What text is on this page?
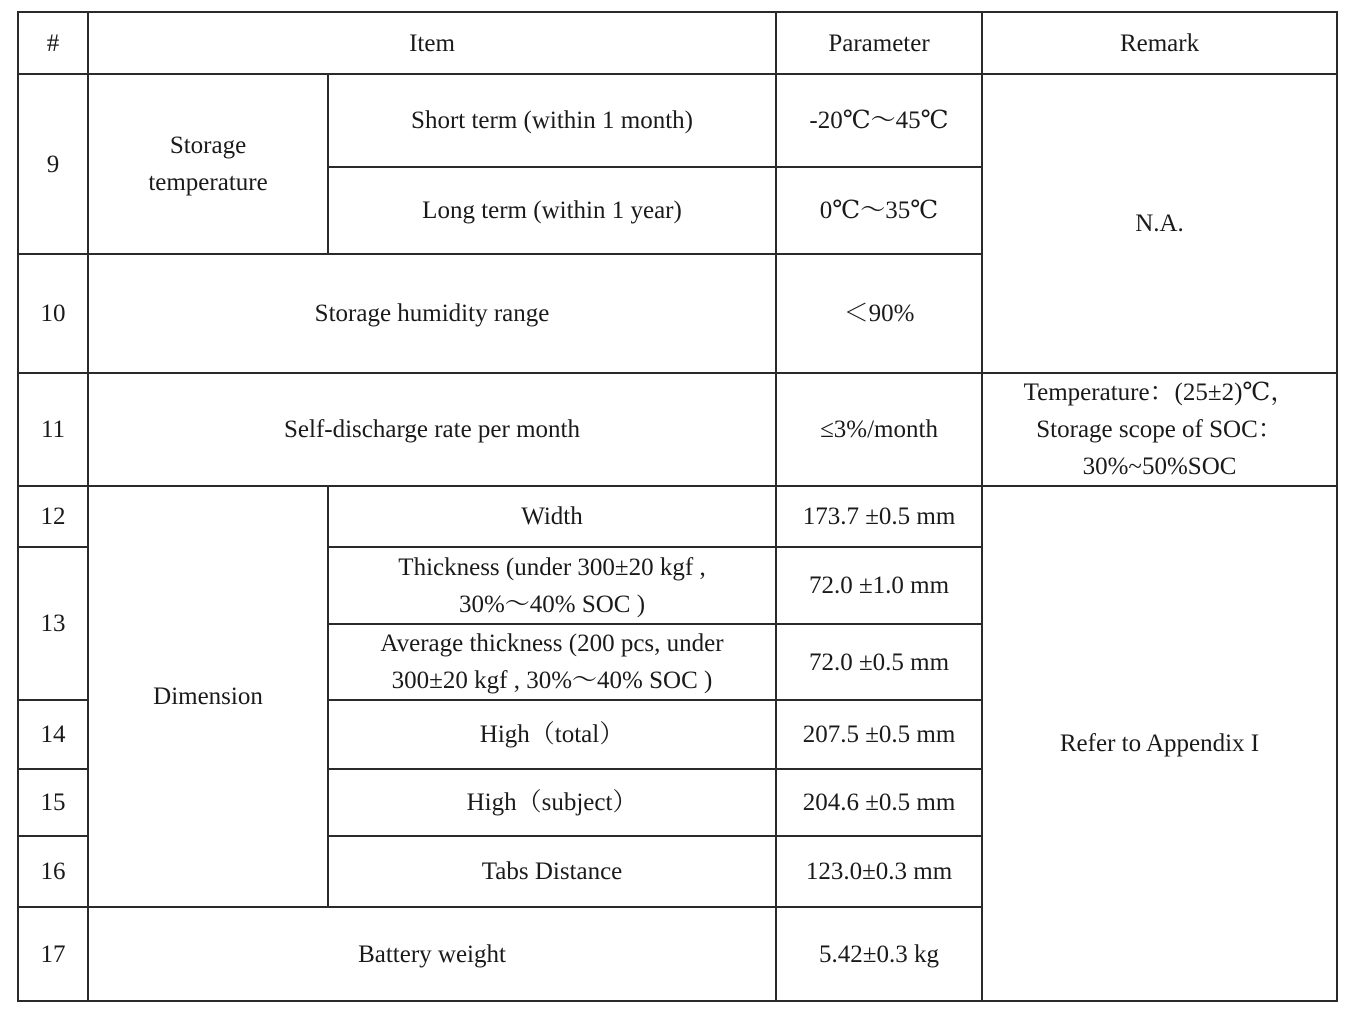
#	Item		Parameter	Remark
9	Storage temperature	Short term (within 1 month)	-20℃～45℃	N.A.
		Long term (within 1 year)	0℃～35℃	
10	Storage humidity range		＜90%	
11	Self-discharge rate per month		≤3%/month	Temperature：(25±2)℃，
Storage scope of SOC：
30%~50%SOC

12	Dimension	Width	173.7 ±0.5 mm	Refer to Appendix I
13		Thickness (under 300±20 kgf ,
30%～40% SOC )	72.0 ±1.0 mm	

		Average thickness (200 pcs, under
300±20 kgf , 30%～40% SOC )	72.0 ±0.5 mm	
14		High（total）	207.5 ±0.5 mm	
15		High（subject）	204.6 ±0.5 mm	
16		Tabs Distance	123.0±0.3 mm	
17	Battery weight		5.42±0.3 kg	
